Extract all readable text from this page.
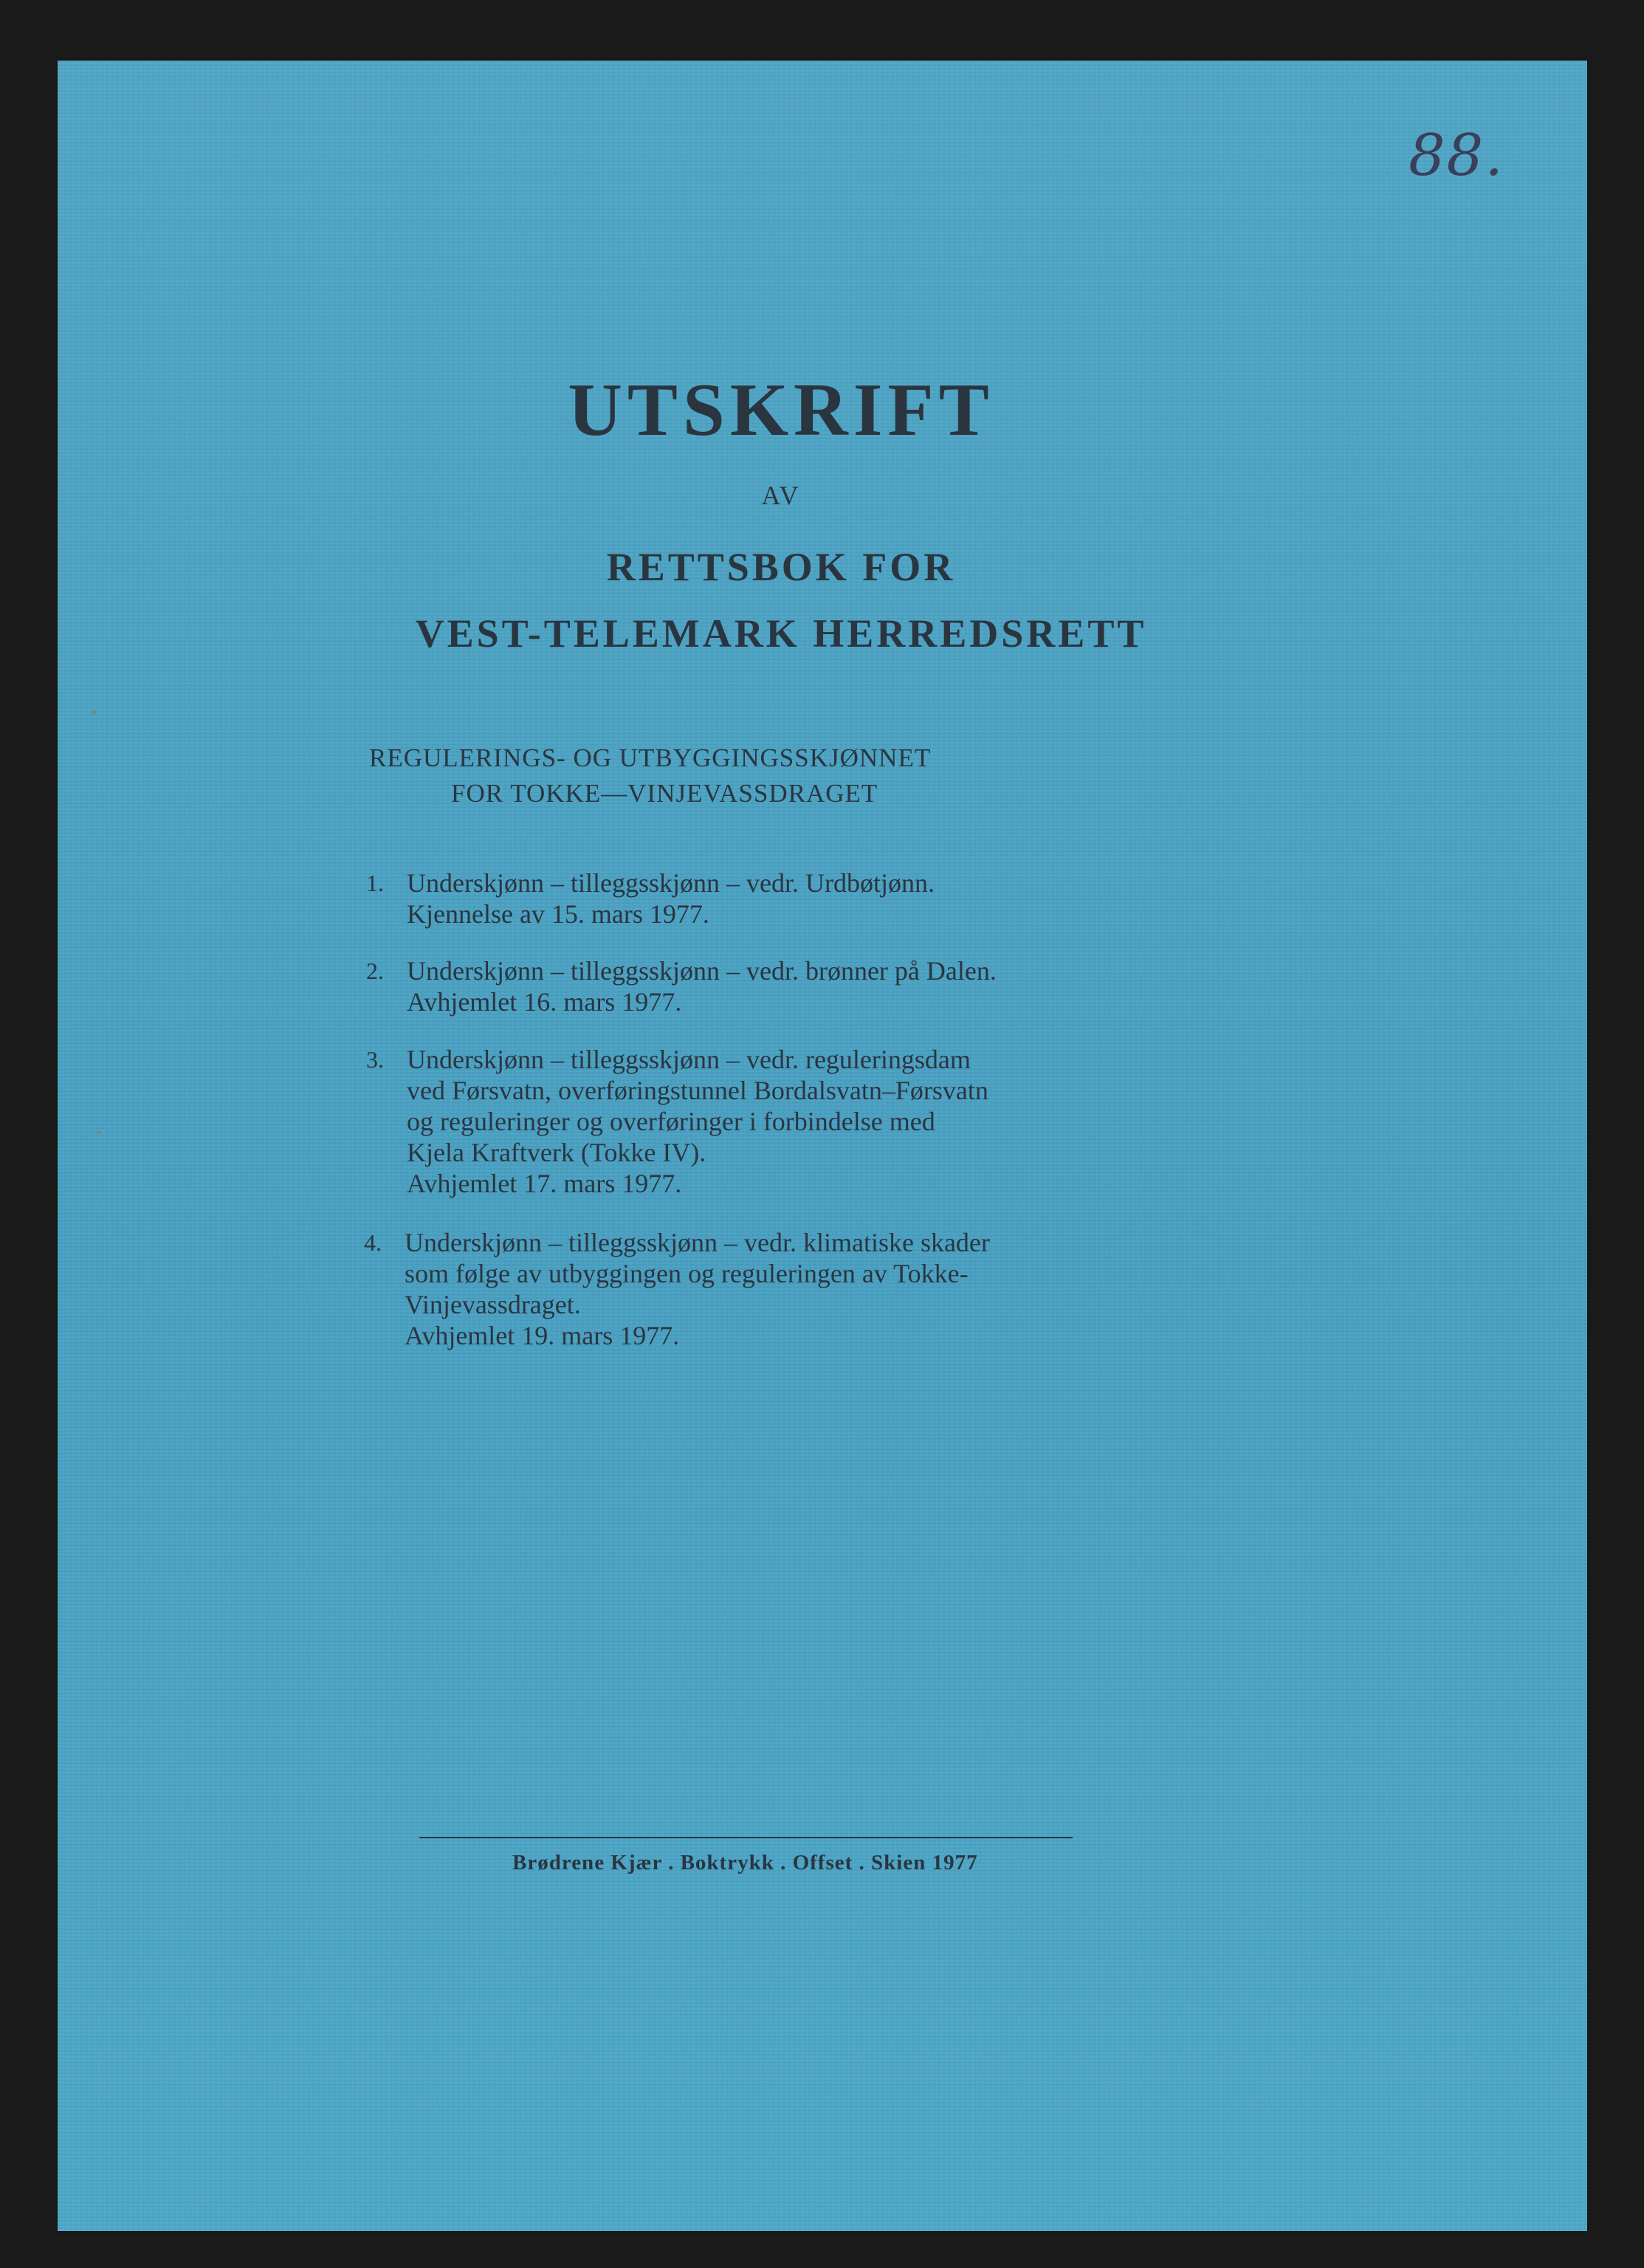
88.
UTSKRIFT
AV
RETTSBOK FOR
VEST-TELEMARK HERREDSRETT
REGULERINGS- OG UTBYGGINGSSKJØNNET
FOR TOKKE—VINJEVASSDRAGET
1. Underskjønn – tilleggsskjønn – vedr. Urdbøtjønn.
Kjennelse av 15. mars 1977.
2. Underskjønn – tilleggsskjønn – vedr. brønner på Dalen.
Avhjemlet 16. mars 1977.
3. Underskjønn – tilleggsskjønn – vedr. reguleringsdam
ved Førsvatn, overføringstunnel Bordalsvatn–Førsvatn
og reguleringer og overføringer i forbindelse med
Kjela Kraftverk (Tokke IV).
Avhjemlet 17. mars 1977.
4. Underskjønn – tilleggsskjønn – vedr. klimatiske skader
som følge av utbyggingen og reguleringen av Tokke-
Vinjevassdraget.
Avhjemlet 19. mars 1977.
Brødrene Kjær . Boktrykk . Offset . Skien 1977
